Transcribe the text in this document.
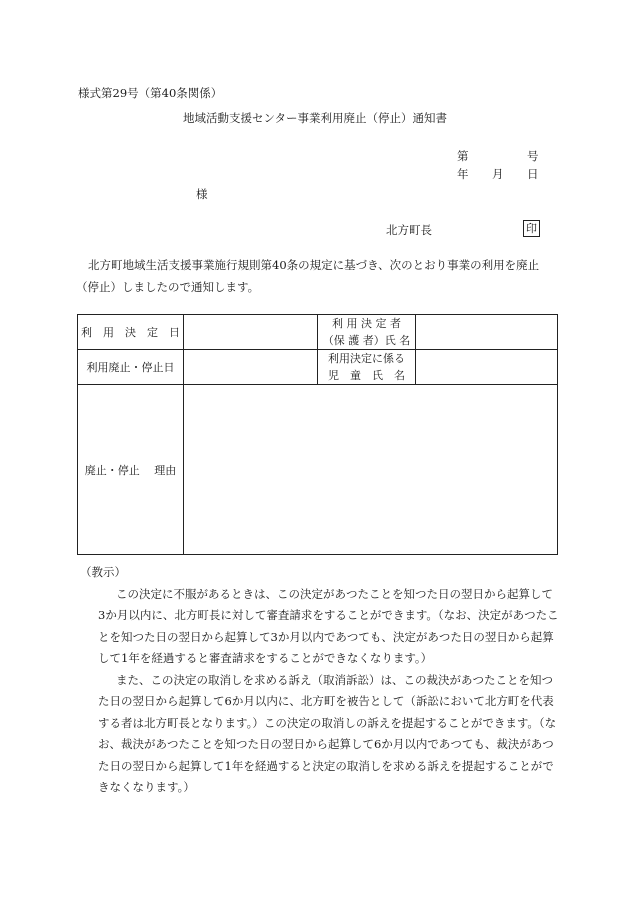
様式第29号（第40条関係）
地域活動支援センター事業利用廃止（停止）通知書
第	号
年 月 日
様
北方町長	印
北方町地域生活支援事業施行規則第40条の規定に基づき、次のとおり事業の利用を廃止
（停止）しましたので通知します。
利　用　決　定　日		利 用 決 定 者
（保 護 者）氏 名	

利用廃止・停止日		利用決定に係る
児　童　氏　名	

廃止・停止　 理由			

（教示）

この決定に不服があるときは、この決定があつたことを知つた日の翌日から起算して3か月以内に、北方町長に対して審査請求をすることができます。（なお、決定があつたことを知つた日の翌日から起算して3か月以内であつても、決定があつた日の翌日から起算して1年を経過すると審査請求をすることができなくなります。）

また、この決定の取消しを求める訴え（取消訴訟）は、この裁決があつたことを知つた日の翌日から起算して6か月以内に、北方町を被告として（訴訟において北方町を代表する者は北方町長となります。）この決定の取消しの訴えを提起することができます。（なお、裁決があつたことを知つた日の翌日から起算して6か月以内であつても、裁決があつた日の翌日から起算して1年を経過すると決定の取消しを求める訴えを提起することができなくなります。）
